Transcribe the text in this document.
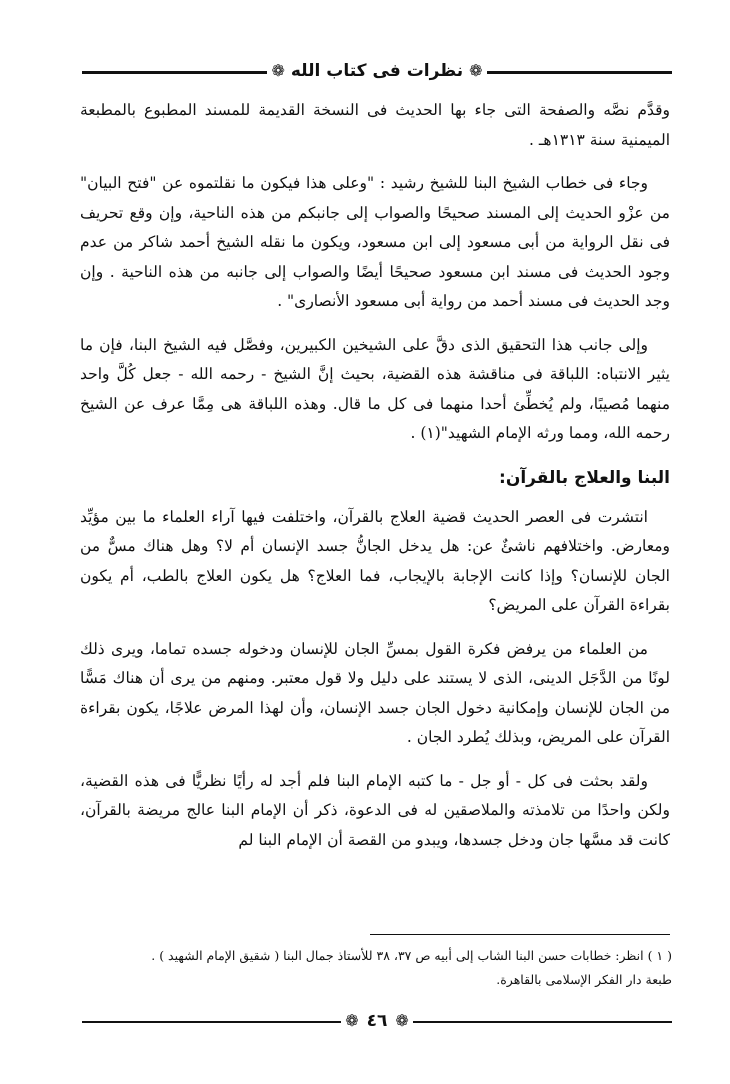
❁
نظرات فى كتاب الله
❁

وقدَّم نصَّه والصفحة التى جاء بها الحديث فى النسخة القديمة للمسند المطبوع بالمطبعة الميمنية سنة ١٣١٣هـ .

وجاء فى خطاب الشيخ البنا للشيخ رشيد : "وعلى هذا فيكون ما نقلتموه عن "فتح البيان" من عزْو الحديث إلى المسند صحيحًا والصواب إلى جانبكم من هذه الناحية، وإن وقع تحريف فى نقل الرواية من أبى مسعود إلى ابن مسعود، ويكون ما نقله الشيخ أحمد شاكر من عدم وجود الحديث فى مسند ابن مسعود صحيحًا أيضًا والصواب إلى جانبه من هذه الناحية . وإن وجد الحديث فى مسند أحمد من رواية أبى مسعود الأنصارى" .

وإلى جانب هذا التحقيق الذى دقَّ على الشيخين الكبيرين، وفصَّل فيه الشيخ البنا، فإن ما يثير الانتباه: اللباقة فى مناقشة هذه القضية، بحيث إنَّ الشيخ - رحمه الله - جعل كُلَّ واحد منهما مُصيبًا، ولم يُخطِّئ أحدا منهما فى كل ما قال. وهذه اللباقة هى مِمَّا عرف عن الشيخ رحمه الله، ومما ورثه الإمام الشهيد"(١) .

البنا والعلاج بالقرآن:

انتشرت فى العصر الحديث قضية العلاج بالقرآن، واختلفت فيها آراء العلماء ما بين مؤيِّد ومعارض. واختلافهم ناشئٌ عن: هل يدخل الجانُّ جسد الإنسان أم لا؟ وهل هناك مسٌّ من الجان للإنسان؟ وإذا كانت الإجابة بالإيجاب، فما العلاج؟ هل يكون العلاج بالطب، أم يكون بقراءة القرآن على المريض؟

من العلماء من يرفض فكرة القول بمسِّ الجان للإنسان ودخوله جسده تماما، ويرى ذلك لونًا من الدَّجَل الدينى، الذى لا يستند على دليل ولا قول معتبر. ومنهم من يرى أن هناك مَسًّا من الجان للإنسان وإمكانية دخول الجان جسد الإنسان، وأن لهذا المرض علاجًا، يكون بقراءة القرآن على المريض، وبذلك يُطرد الجان .

ولقد بحثت فى كل - أو جل - ما كتبه الإمام البنا فلم أجد له رأيًا نظريًّا فى هذه القضية، ولكن واحدًا من تلامذته والملاصقين له فى الدعوة، ذكر أن الإمام البنا عالج مريضة بالقرآن، كانت قد مسَّها جان ودخل جسدها، ويبدو من القصة أن الإمام البنا لم

( ١ ) انظر: خطابات حسن البنا الشاب إلى أبيه ص ٣٧، ٣٨ للأستاذ جمال البنا ( شقيق الإمام الشهيد ) .

طبعة دار الفكر الإسلامى بالقاهرة.

❁
٤٦
❁
